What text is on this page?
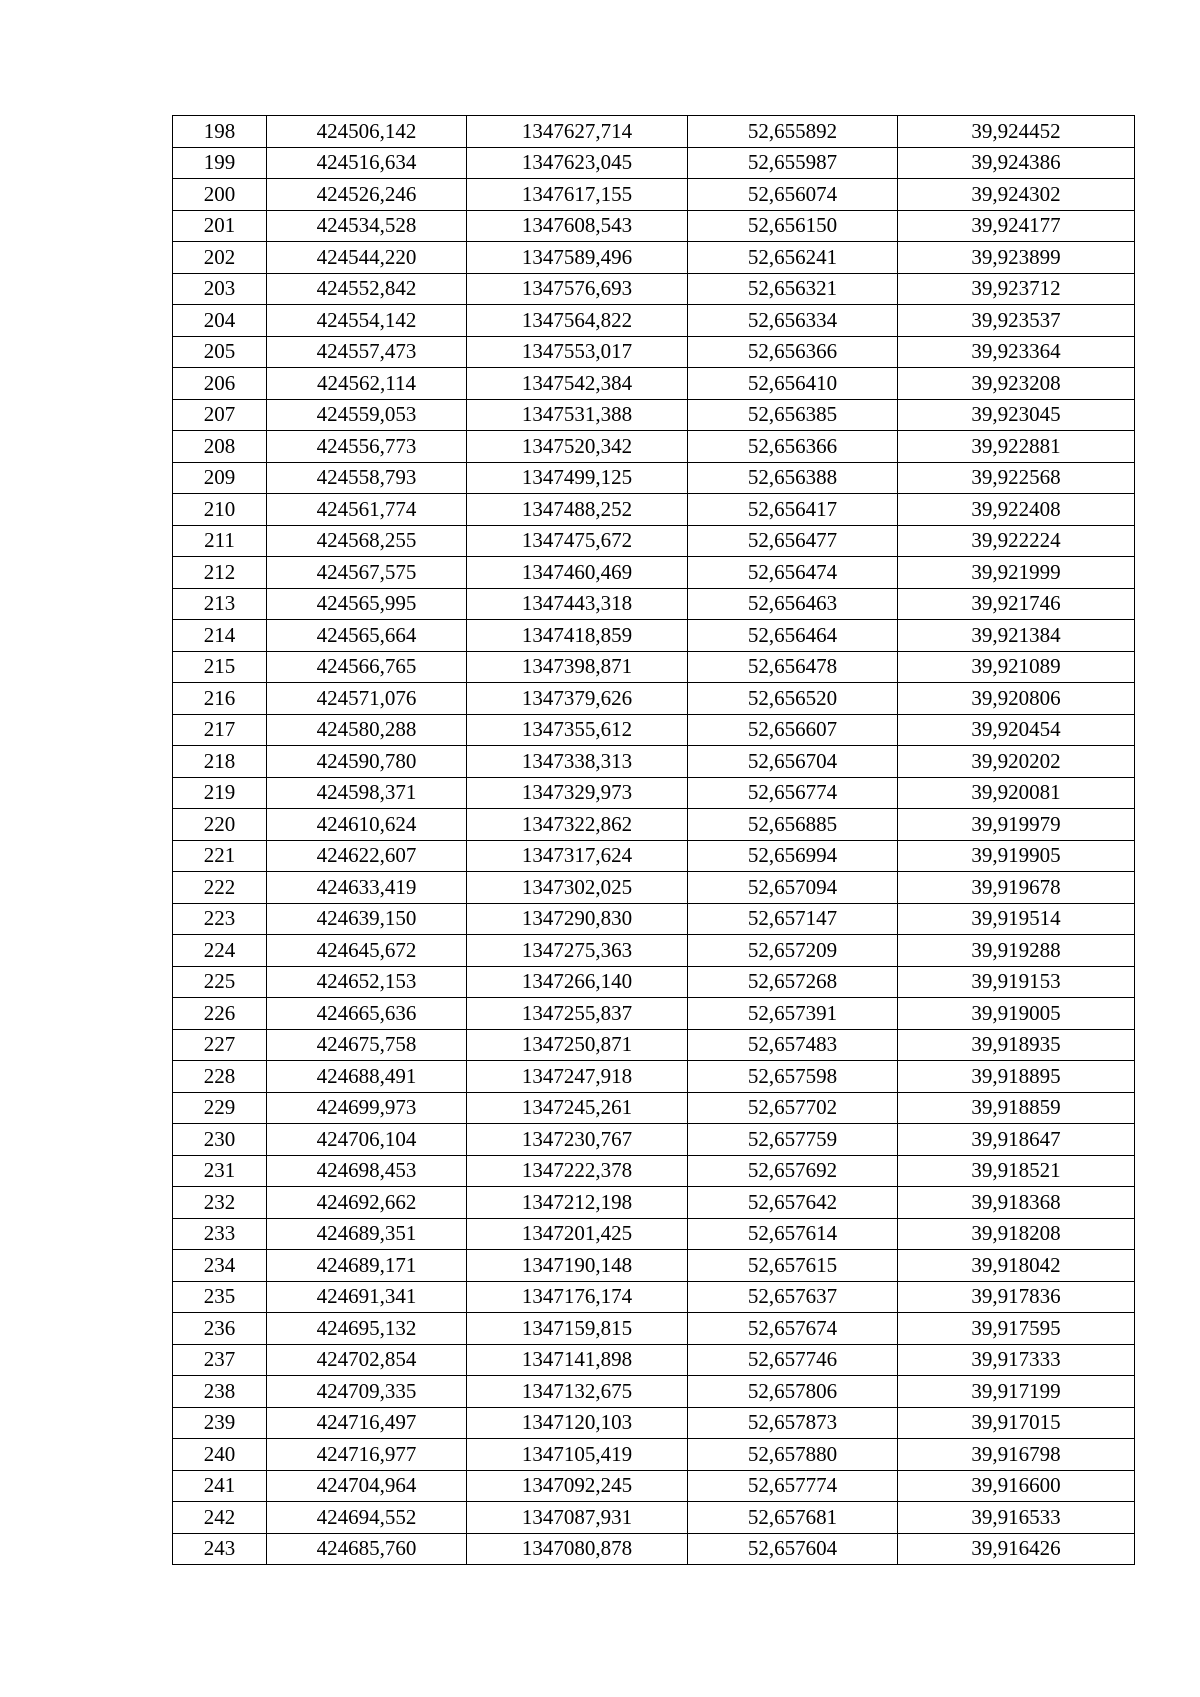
198	424506,142	1347627,714	52,655892	39,924452
199	424516,634	1347623,045	52,655987	39,924386
200	424526,246	1347617,155	52,656074	39,924302
201	424534,528	1347608,543	52,656150	39,924177
202	424544,220	1347589,496	52,656241	39,923899
203	424552,842	1347576,693	52,656321	39,923712
204	424554,142	1347564,822	52,656334	39,923537
205	424557,473	1347553,017	52,656366	39,923364
206	424562,114	1347542,384	52,656410	39,923208
207	424559,053	1347531,388	52,656385	39,923045
208	424556,773	1347520,342	52,656366	39,922881
209	424558,793	1347499,125	52,656388	39,922568
210	424561,774	1347488,252	52,656417	39,922408
211	424568,255	1347475,672	52,656477	39,922224
212	424567,575	1347460,469	52,656474	39,921999
213	424565,995	1347443,318	52,656463	39,921746
214	424565,664	1347418,859	52,656464	39,921384
215	424566,765	1347398,871	52,656478	39,921089
216	424571,076	1347379,626	52,656520	39,920806
217	424580,288	1347355,612	52,656607	39,920454
218	424590,780	1347338,313	52,656704	39,920202
219	424598,371	1347329,973	52,656774	39,920081
220	424610,624	1347322,862	52,656885	39,919979
221	424622,607	1347317,624	52,656994	39,919905
222	424633,419	1347302,025	52,657094	39,919678
223	424639,150	1347290,830	52,657147	39,919514
224	424645,672	1347275,363	52,657209	39,919288
225	424652,153	1347266,140	52,657268	39,919153
226	424665,636	1347255,837	52,657391	39,919005
227	424675,758	1347250,871	52,657483	39,918935
228	424688,491	1347247,918	52,657598	39,918895
229	424699,973	1347245,261	52,657702	39,918859
230	424706,104	1347230,767	52,657759	39,918647
231	424698,453	1347222,378	52,657692	39,918521
232	424692,662	1347212,198	52,657642	39,918368
233	424689,351	1347201,425	52,657614	39,918208
234	424689,171	1347190,148	52,657615	39,918042
235	424691,341	1347176,174	52,657637	39,917836
236	424695,132	1347159,815	52,657674	39,917595
237	424702,854	1347141,898	52,657746	39,917333
238	424709,335	1347132,675	52,657806	39,917199
239	424716,497	1347120,103	52,657873	39,917015
240	424716,977	1347105,419	52,657880	39,916798
241	424704,964	1347092,245	52,657774	39,916600
242	424694,552	1347087,931	52,657681	39,916533
243	424685,760	1347080,878	52,657604	39,916426
